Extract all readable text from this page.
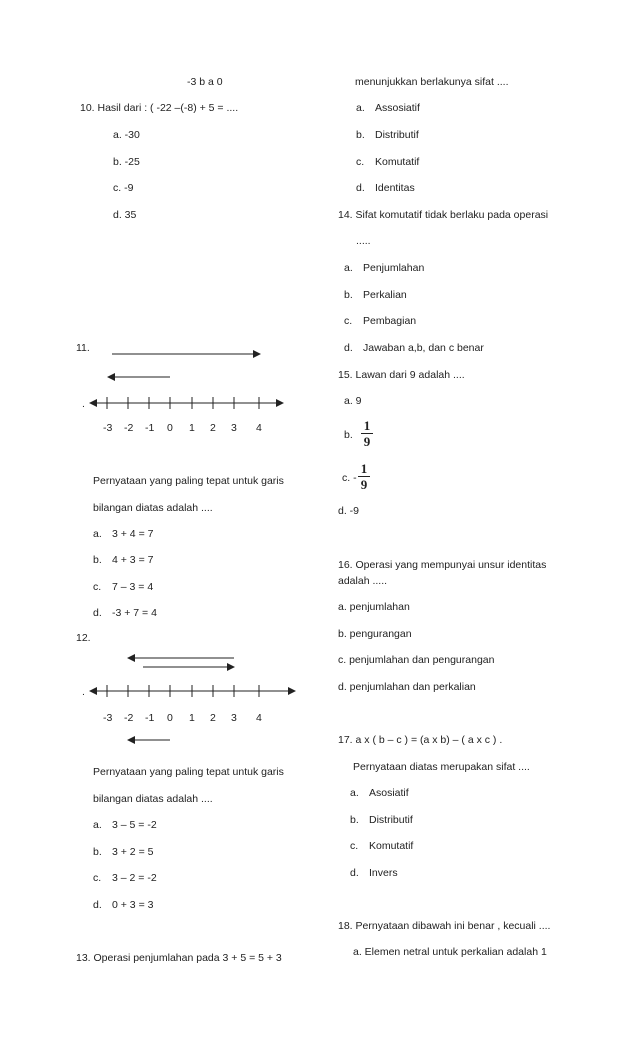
-3 b a 0
10. Hasil dari : ( -22 –(-8) + 5 = ....
a. -30
b. -25
c. -9
d. 35
11.
.
-3 -2 -1 0 1 2 3 4
Pernyataan yang paling tepat untuk garis
bilangan diatas adalah ....
a. 3 + 4 = 7
b. 4 + 3 = 7
c. 7 – 3 = 4
d. -3 + 7 = 4
12.
.
-3 -2 -1 0 1 2 3 4
Pernyataan yang paling tepat untuk garis
bilangan diatas adalah ....
a. 3 – 5 = -2
b. 3 + 2 = 5
c. 3 – 2 = -2
d. 0 + 3 = 3
13. Operasi penjumlahan pada 3 + 5 = 5 + 3
menunjukkan berlakunya sifat ....
a. Assosiatif
b. Distributif
c. Komutatif
d. Identitas
14. Sifat komutatif tidak berlaku pada operasi
.....
a. Penjumlahan
b. Perkalian
c. Pembagian
d. Jawaban a,b, dan c benar
15. Lawan dari 9 adalah ....
a. 9
b.
1
9
c. -
1
9
d. -9
16. Operasi yang mempunyai unsur identitas
adalah .....
a. penjumlahan
b. pengurangan
c. penjumlahan dan pengurangan
d. penjumlahan dan perkalian
17. a x ( b – c ) = (a x b) – ( a x c ) .
Pernyataan diatas merupakan sifat ....
a. Asosiatif
b. Distributif
c. Komutatif
d. Invers
18. Pernyataan dibawah ini benar , kecuali ....
a. Elemen netral untuk perkalian adalah 1
